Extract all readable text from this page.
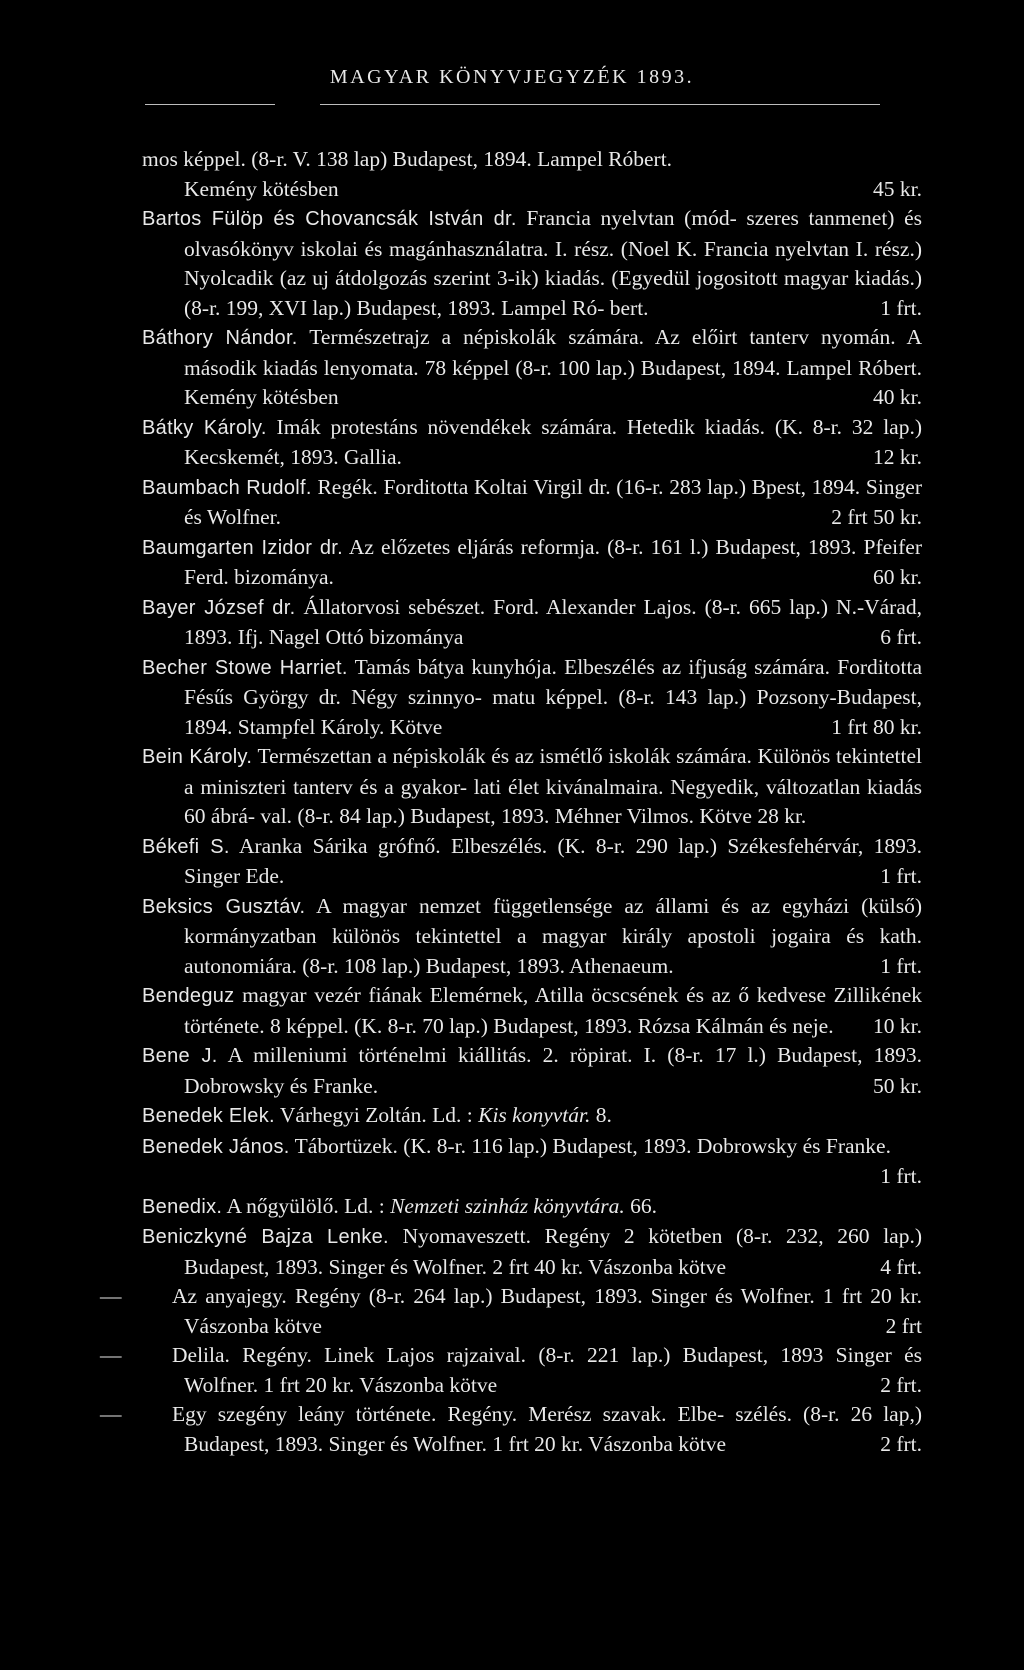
MAGYAR KÖNYVJEGYZÉK 1893.
mos képpel. (8-r. V. 138 lap) Budapest, 1894. Lampel Róbert.
Kemény kötésben	45 kr.
Bartos Fülöp és Chovancsák István dr. Francia nyelvtan (mód- szeres tanmenet) és olvasókönyv iskolai és magánhasználatra. I. rész. (Noel K. Francia nyelvtan I. rész.) Nyolcadik (az uj átdolgozás szerint 3-ik) kiadás. (Egyedül jogositott magyar kiadás.) (8-r. 199, XVI lap.) Budapest, 1893. Lampel Ró- bert.	1 frt.
Báthory Nándor. Természetrajz a népiskolák számára. Az előirt tanterv nyomán. A második kiadás lenyomata. 78 képpel (8-r. 100 lap.) Budapest, 1894. Lampel Róbert. Kemény kötésben	40 kr.
Bátky Károly. Imák protestáns növendékek számára. Hetedik kiadás. (K. 8-r. 32 lap.) Kecskemét, 1893. Gallia.	12 kr.
Baumbach Rudolf. Regék. Forditotta Koltai Virgil dr. (16-r. 283 lap.) Bpest, 1894. Singer és Wolfner.	2 frt 50 kr.
Baumgarten Izidor dr. Az előzetes eljárás reformja. (8-r. 161 l.) Budapest, 1893. Pfeifer Ferd. bizománya.	60 kr.
Bayer József dr. Állatorvosi sebészet. Ford. Alexander Lajos. (8-r. 665 lap.) N.-Várad, 1893. Ifj. Nagel Ottó bizománya	6 frt.
Becher Stowe Harriet. Tamás bátya kunyhója. Elbeszélés az ifjuság számára. Forditotta Fésűs György dr. Négy szinnyo- matu képpel. (8-r. 143 lap.) Pozsony-Budapest, 1894. Stampfel Károly. Kötve	1 frt 80 kr.
Bein Károly. Természettan a népiskolák és az ismétlő iskolák számára. Különös tekintettel a miniszteri tanterv és a gyakor- lati élet kivánalmaira. Negyedik, változatlan kiadás 60 ábrá- val. (8-r. 84 lap.) Budapest, 1893. Méhner Vilmos. Kötve 28 kr.
Békefi S. Aranka Sárika grófnő. Elbeszélés. (K. 8-r. 290 lap.) Székesfehérvár, 1893. Singer Ede.	1 frt.
Beksics Gusztáv. A magyar nemzet függetlensége az állami és az egyházi (külső) kormányzatban különös tekintettel a magyar király apostoli jogaira és kath. autonomiára. (8-r. 108 lap.) Budapest, 1893. Athenaeum.	1 frt.
Bendeguz magyar vezér fiának Elemérnek, Atilla öcscsének és az ő kedvese Zillikének története. 8 képpel. (K. 8-r. 70 lap.) Budapest, 1893. Rózsa Kálmán és neje. 10 kr.
Bene J. A milleniumi történelmi kiállitás. 2. röpirat. I. (8-r. 17 l.) Budapest, 1893. Dobrowsky és Franke.	50 kr.
Benedek Elek. Várhegyi Zoltán. Ld. : Kis konyvtár. 8.
Benedek János. Tábortüzek. (K. 8-r. 116 lap.) Budapest, 1893. Dobrowsky és Franke.
1 frt.
Benedix. A nőgyülölő. Ld. : Nemzeti szinház könyvtára. 66.
Beniczkyné Bajza Lenke. Nyomaveszett. Regény 2 kötetben (8-r. 232, 260 lap.) Budapest, 1893. Singer és Wolfner. 2 frt 40 kr. Vászonba kötve	4 frt.
— Az anyajegy. Regény (8-r. 264 lap.) Budapest, 1893. Singer és Wolfner. 1 frt 20 kr. Vászonba kötve	2 frt
— Delila. Regény. Linek Lajos rajzaival. (8-r. 221 lap.) Budapest, 1893 Singer és Wolfner. 1 frt 20 kr. Vászonba kötve	2 frt.
— Egy szegény leány története. Regény. Merész szavak. Elbe- szélés. (8-r. 26 lap,) Budapest, 1893. Singer és Wolfner. 1 frt 20 kr. Vászonba kötve	2 frt.
